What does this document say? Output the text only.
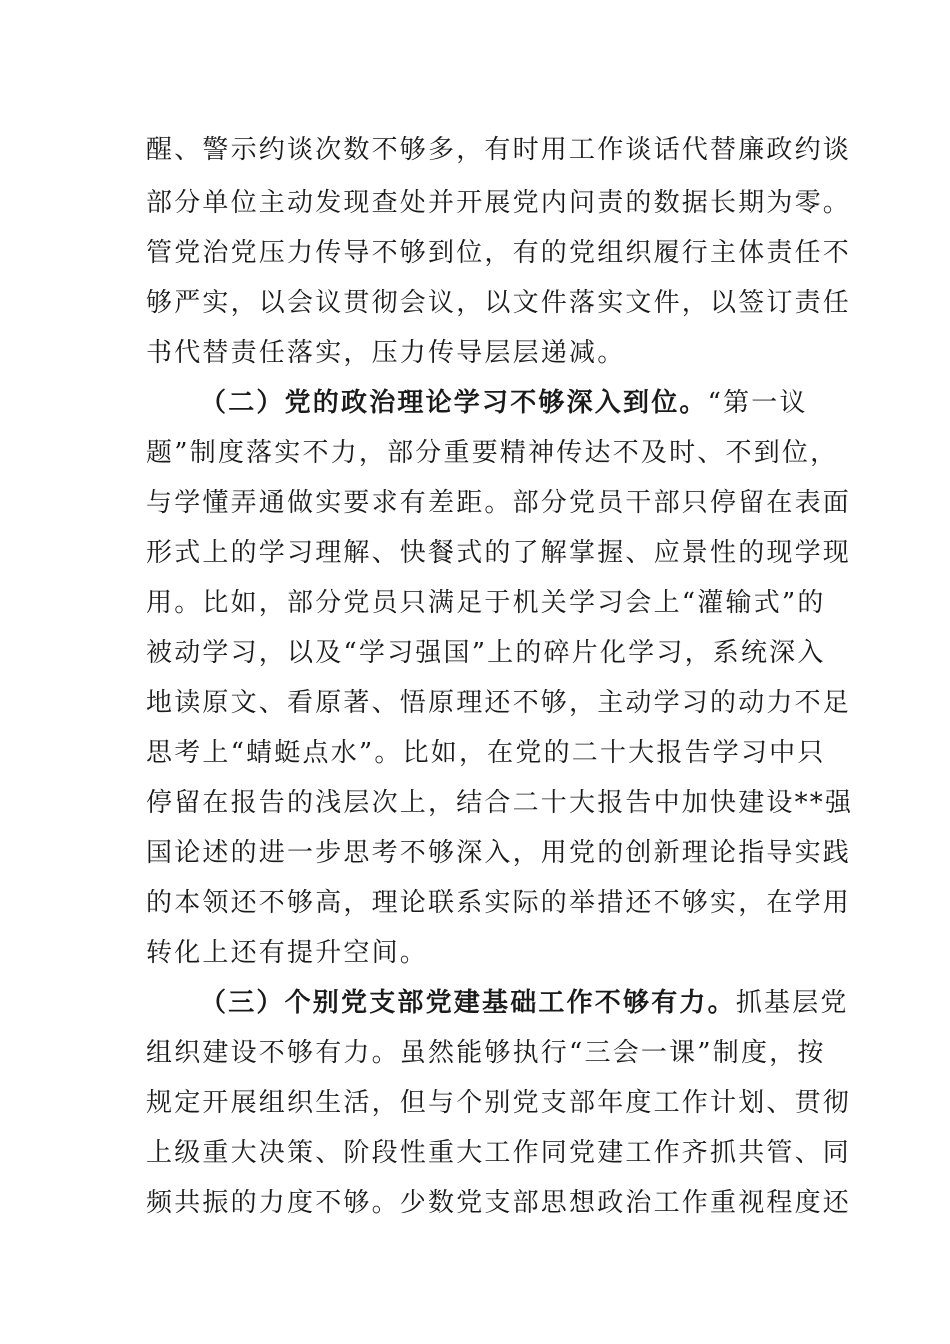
醒、警示约谈次数不够多，有时用工作谈话代替廉政约谈
部分单位主动发现查处并开展党内问责的数据长期为零。
管党治党压力传导不够到位，有的党组织履行主体责任不
够严实，以会议贯彻会议，以文件落实文件，以签订责任
书代替责任落实，压力传导层层递减。
（二）党的政治理论学习不够深入到位。“第一议
题”制度落实不力，部分重要精神传达不及时、不到位，
与学懂弄通做实要求有差距。部分党员干部只停留在表面
形式上的学习理解、快餐式的了解掌握、应景性的现学现
用。比如，部分党员只满足于机关学习会上“灌输式”的
被动学习，以及“学习强国”上的碎片化学习，系统深入
地读原文、看原著、悟原理还不够，主动学习的动力不足
思考上“蜻蜓点水”。比如，在党的二十大报告学习中只
停留在报告的浅层次上，结合二十大报告中加快建设**强
国论述的进一步思考不够深入，用党的创新理论指导实践
的本领还不够高，理论联系实际的举措还不够实，在学用
转化上还有提升空间。
（三）个别党支部党建基础工作不够有力。抓基层党
组织建设不够有力。虽然能够执行“三会一课”制度，按
规定开展组织生活，但与个别党支部年度工作计划、贯彻
上级重大决策、阶段性重大工作同党建工作齐抓共管、同
频共振的力度不够。少数党支部思想政治工作重视程度还
